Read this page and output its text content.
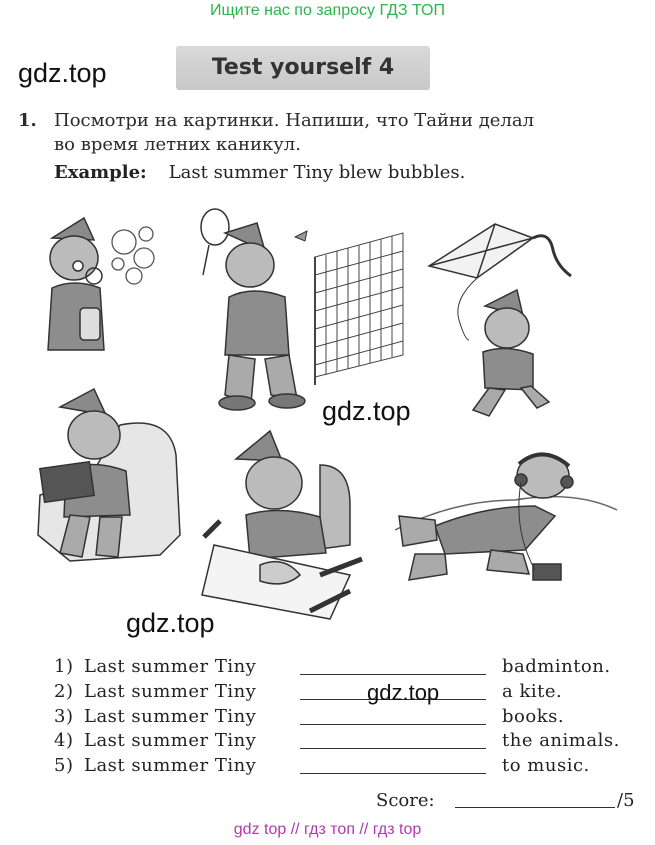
Ищите нас по запросу ГДЗ ТОП
gdz.top	Test yourself 4
1. Посмотри на картинки. Напиши, что Тайни делал
во время летних каникул.
Example: Last summer Tiny blew bubbles.
gdz.top
gdz.top
1) Last summer Tiny	badminton.
2) Last summer Tiny	a kite.
3) Last summer Tiny	books.
4) Last summer Tiny	the animals.
5) Last summer Tiny	to music.
gdz.top
Score:	/5
gdz top // гдз топ // гдз top
